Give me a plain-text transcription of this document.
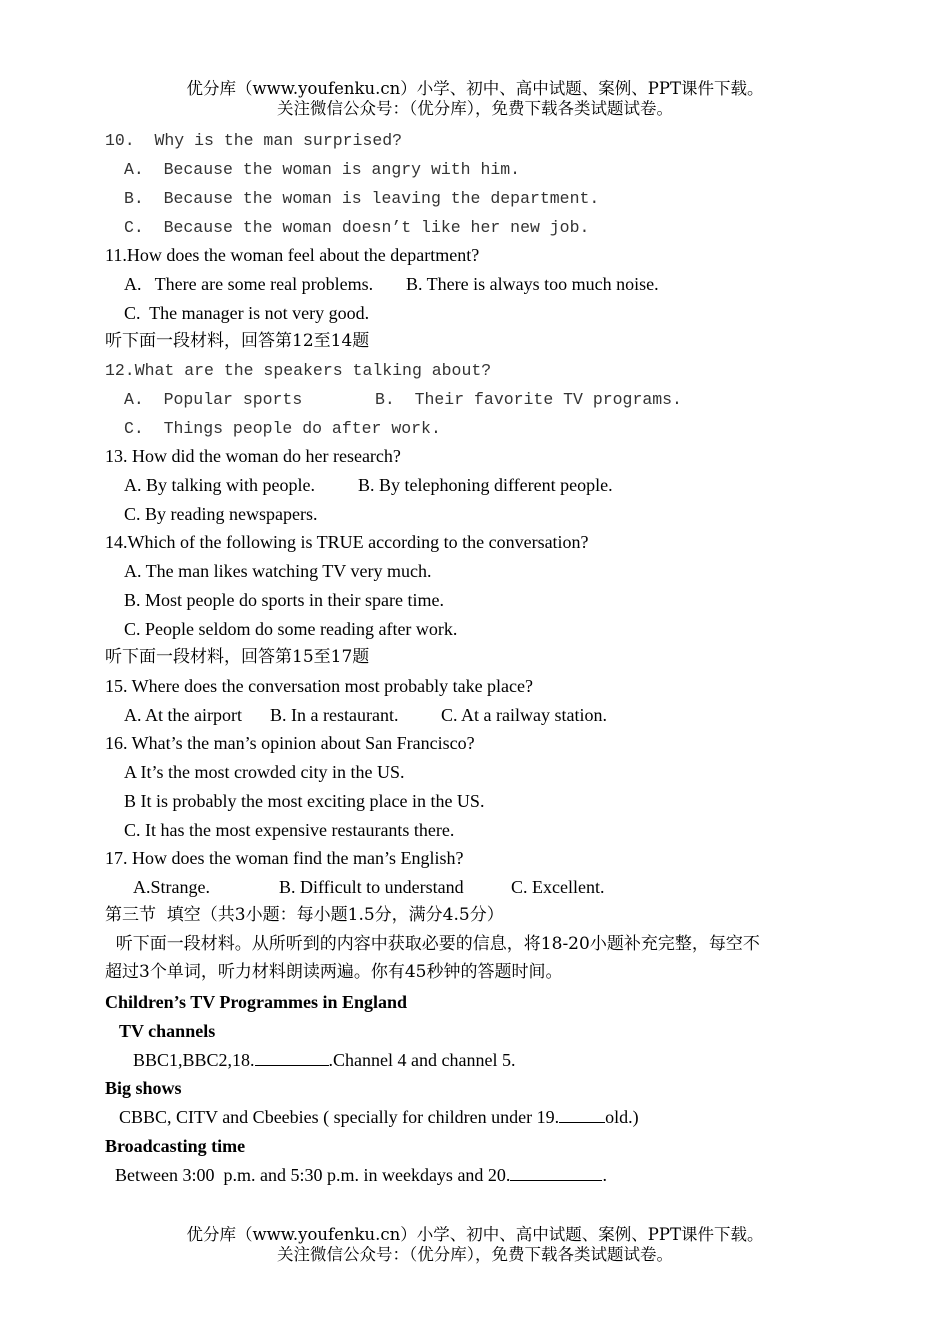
优分库（www.youfenku.cn）小学、初中、高中试题、案例、PPT课件下载。
关注微信公众号：（优分库），免费下载各类试题试卷。
10.  Why is the man surprised?
A.  Because the woman is angry with him.
B.  Because the woman is leaving the department.
C.  Because the woman doesn’t like her new job.
11.How does the woman feel about the department?
A.   There are some real problems. B. There is always too much noise.
C.  The manager is not very good.
听下面一段材料，回答第12至14题
12.What are the speakers talking about?
A.  Popular sports	B.  Their favorite TV programs.
C.  Things people do after work.
13. How did the woman do her research?
A. By talking with people. B. By telephoning different people.
C. By reading newspapers.
14.Which of the following is TRUE according to the conversation?
A. The man likes watching TV very much.
B. Most people do sports in their spare time.
C. People seldom do some reading after work.
听下面一段材料，回答第15至17题
15. Where does the conversation most probably take place?
A. At the airport B. In a restaurant. C. At a railway station.
16. What’s the man’s opinion about San Francisco?
A It’s the most crowded city in the US.
B It is probably the most exciting place in the US.
C. It has the most expensive restaurants there.
17. How does the woman find the man’s English?
A.Strange.	B. Difficult to understand	C. Excellent.
第三节  填空（共3小题：每小题1.5分，满分4.5分）
听下面一段材料。从所听到的内容中获取必要的信息，将18-20小题补充完整，每空不
超过3个单词，听力材料朗读两遍。你有45秒钟的答题时间。
Children’s TV Programmes in England
TV channels
BBC1,BBC2,18.	.Channel 4 and channel 5.
Big shows
CBBC, CITV and Cbeebies ( specially for children under 19.	old.)
Broadcasting time
Between 3:00  p.m. and 5:30 p.m. in weekdays and 20.	.
优分库（www.youfenku.cn）小学、初中、高中试题、案例、PPT课件下载。
关注微信公众号：（优分库），免费下载各类试题试卷。
